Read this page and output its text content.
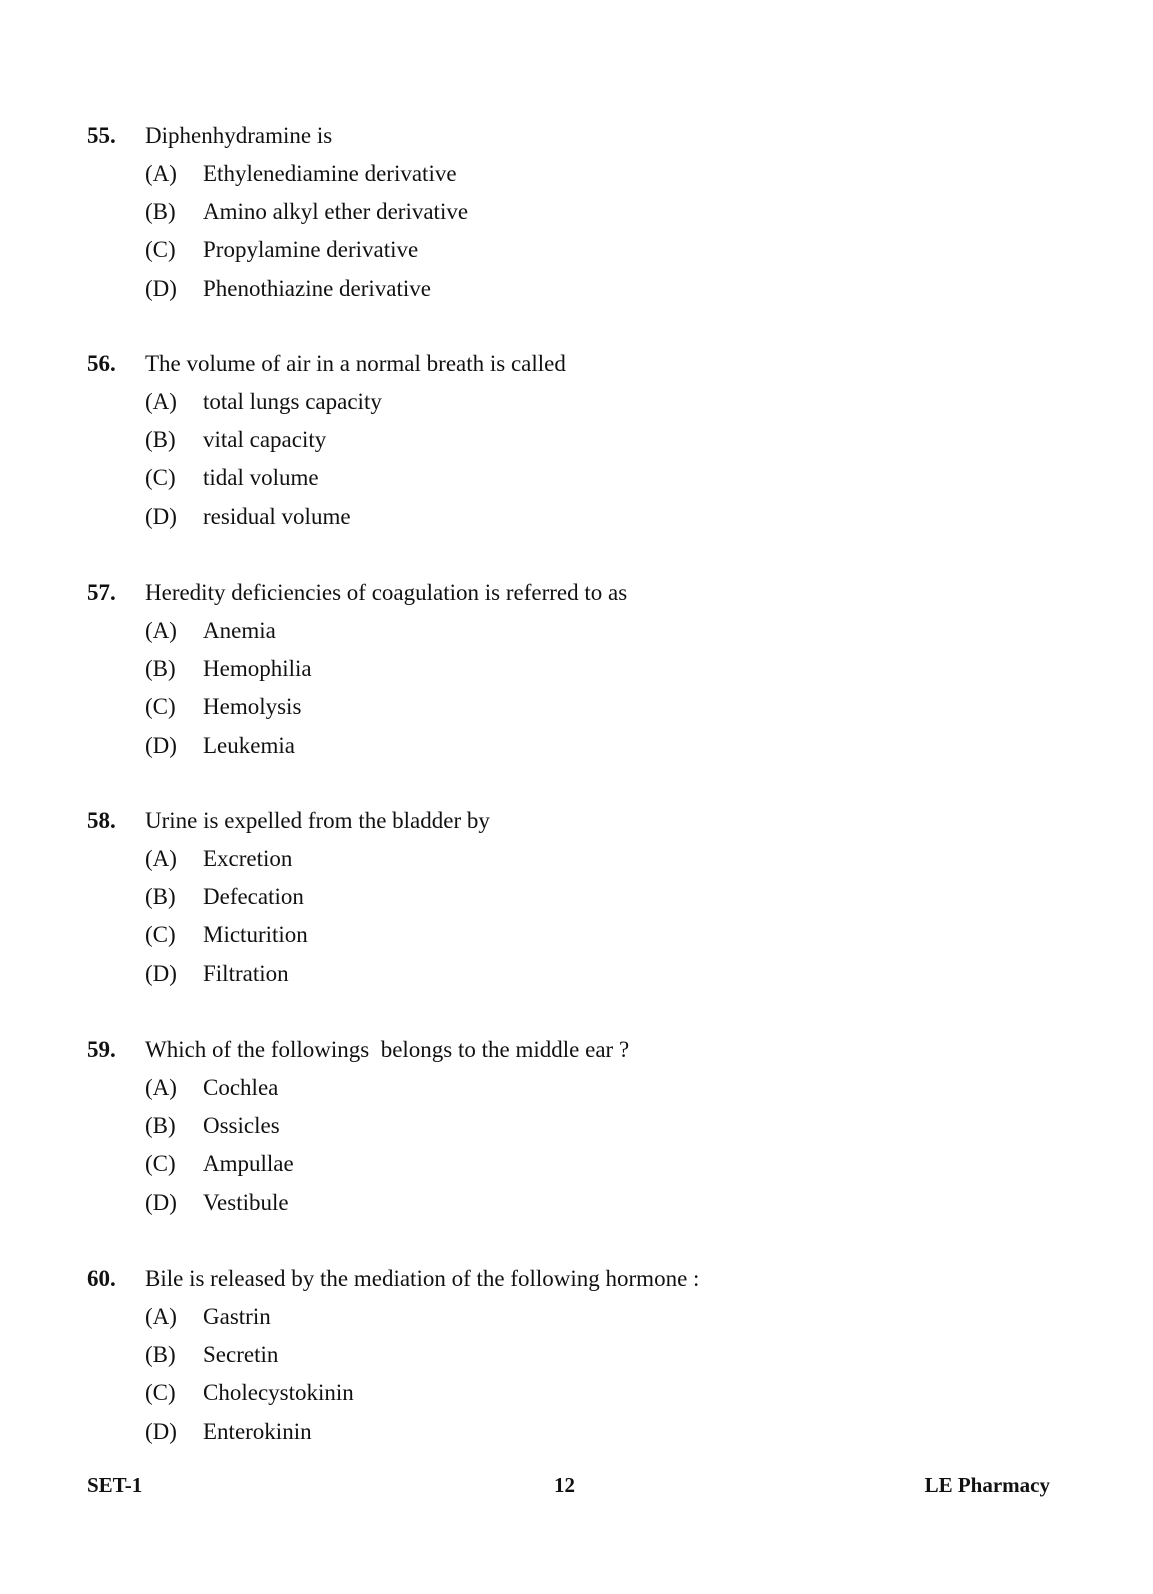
55. Diphenhydramine is
(A) Ethylenediamine derivative
(B) Amino alkyl ether derivative
(C) Propylamine derivative
(D) Phenothiazine derivative
56. The volume of air in a normal breath is called
(A) total lungs capacity
(B) vital capacity
(C) tidal volume
(D) residual volume
57. Heredity deficiencies of coagulation is referred to as
(A) Anemia
(B) Hemophilia
(C) Hemolysis
(D) Leukemia
58. Urine is expelled from the bladder by
(A) Excretion
(B) Defecation
(C) Micturition
(D) Filtration
59. Which of the followings  belongs to the middle ear ?
(A) Cochlea
(B) Ossicles
(C) Ampullae
(D) Vestibule
60. Bile is released by the mediation of the following hormone :
(A) Gastrin
(B) Secretin
(C) Cholecystokinin
(D) Enterokinin
SET-1	12	LE Pharmacy
